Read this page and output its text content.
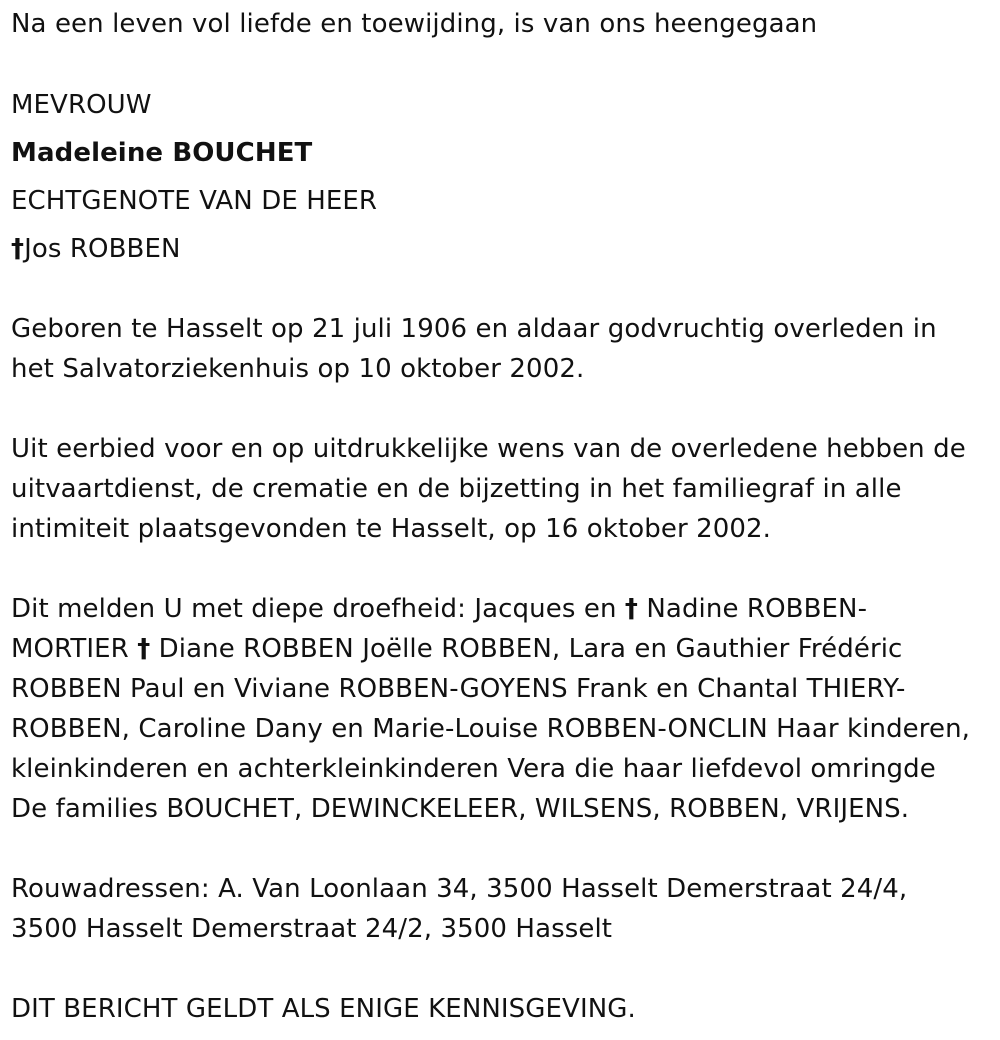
Na een leven vol liefde en toewijding, is van ons heengegaan
MEVROUW
Madeleine BOUCHET
ECHTGENOTE VAN DE HEER
†Jos ROBBEN
Geboren te Hasselt op 21 juli 1906 en aldaar godvruchtig overleden in
het Salvatorziekenhuis op 10 oktober 2002.
Uit eerbied voor en op uitdrukkelijke wens van de overledene hebben de
uitvaartdienst, de crematie en de bijzetting in het familiegraf in alle
intimiteit plaatsgevonden te Hasselt, op 16 oktober 2002.
Dit melden U met diepe droefheid: Jacques en † Nadine ROBBEN-
MORTIER † Diane ROBBEN Joëlle ROBBEN, Lara en Gauthier Frédéric
ROBBEN Paul en Viviane ROBBEN-GOYENS Frank en Chantal THIERY-
ROBBEN, Caroline Dany en Marie-Louise ROBBEN-ONCLIN Haar kinderen,
kleinkinderen en achterkleinkinderen Vera die haar liefdevol omringde
De families BOUCHET, DEWINCKELEER, WILSENS, ROBBEN, VRIJENS.
Rouwadressen: A. Van Loonlaan 34, 3500 Hasselt Demerstraat 24/4,
3500 Hasselt Demerstraat 24/2, 3500 Hasselt
DIT BERICHT GELDT ALS ENIGE KENNISGEVING.
